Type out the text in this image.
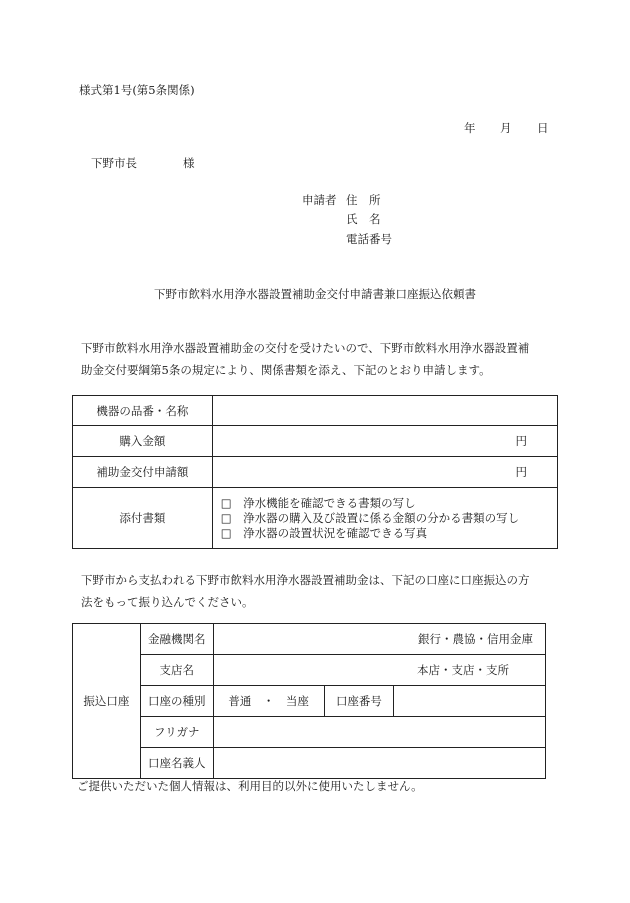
様式第1号(第5条関係)
年 月 日
下野市長	様
申請者 住　所
氏　名
電話番号
下野市飲料水用浄水器設置補助金交付申請書兼口座振込依頼書
下野市飲料水用浄水器設置補助金の交付を受けたいので、下野市飲料水用浄水器設置補
助金交付要綱第5条の規定により、関係書類を添え、下記のとおり申請します。
機器の品番・名称	
購入金額	円
補助金交付申請額	円
添付書類	□　浄水機能を確認できる書類の写し
□　浄水器の購入及び設置に係る金額の分かる書類の写し
□　浄水器の設置状況を確認できる写真
下野市から支払われる下野市飲料水用浄水器設置補助金は、下記の口座に口座振込の方
法をもって振り込んでください。
振込口座	金融機関名	銀行・農協・信用金庫		
	支店名	本店・支店・支所		
	口座の種別	普通　・　当座	口座番号	
	フリガナ			
	口座名義人			
ご提供いただいた個人情報は、利用目的以外に使用いたしません。
